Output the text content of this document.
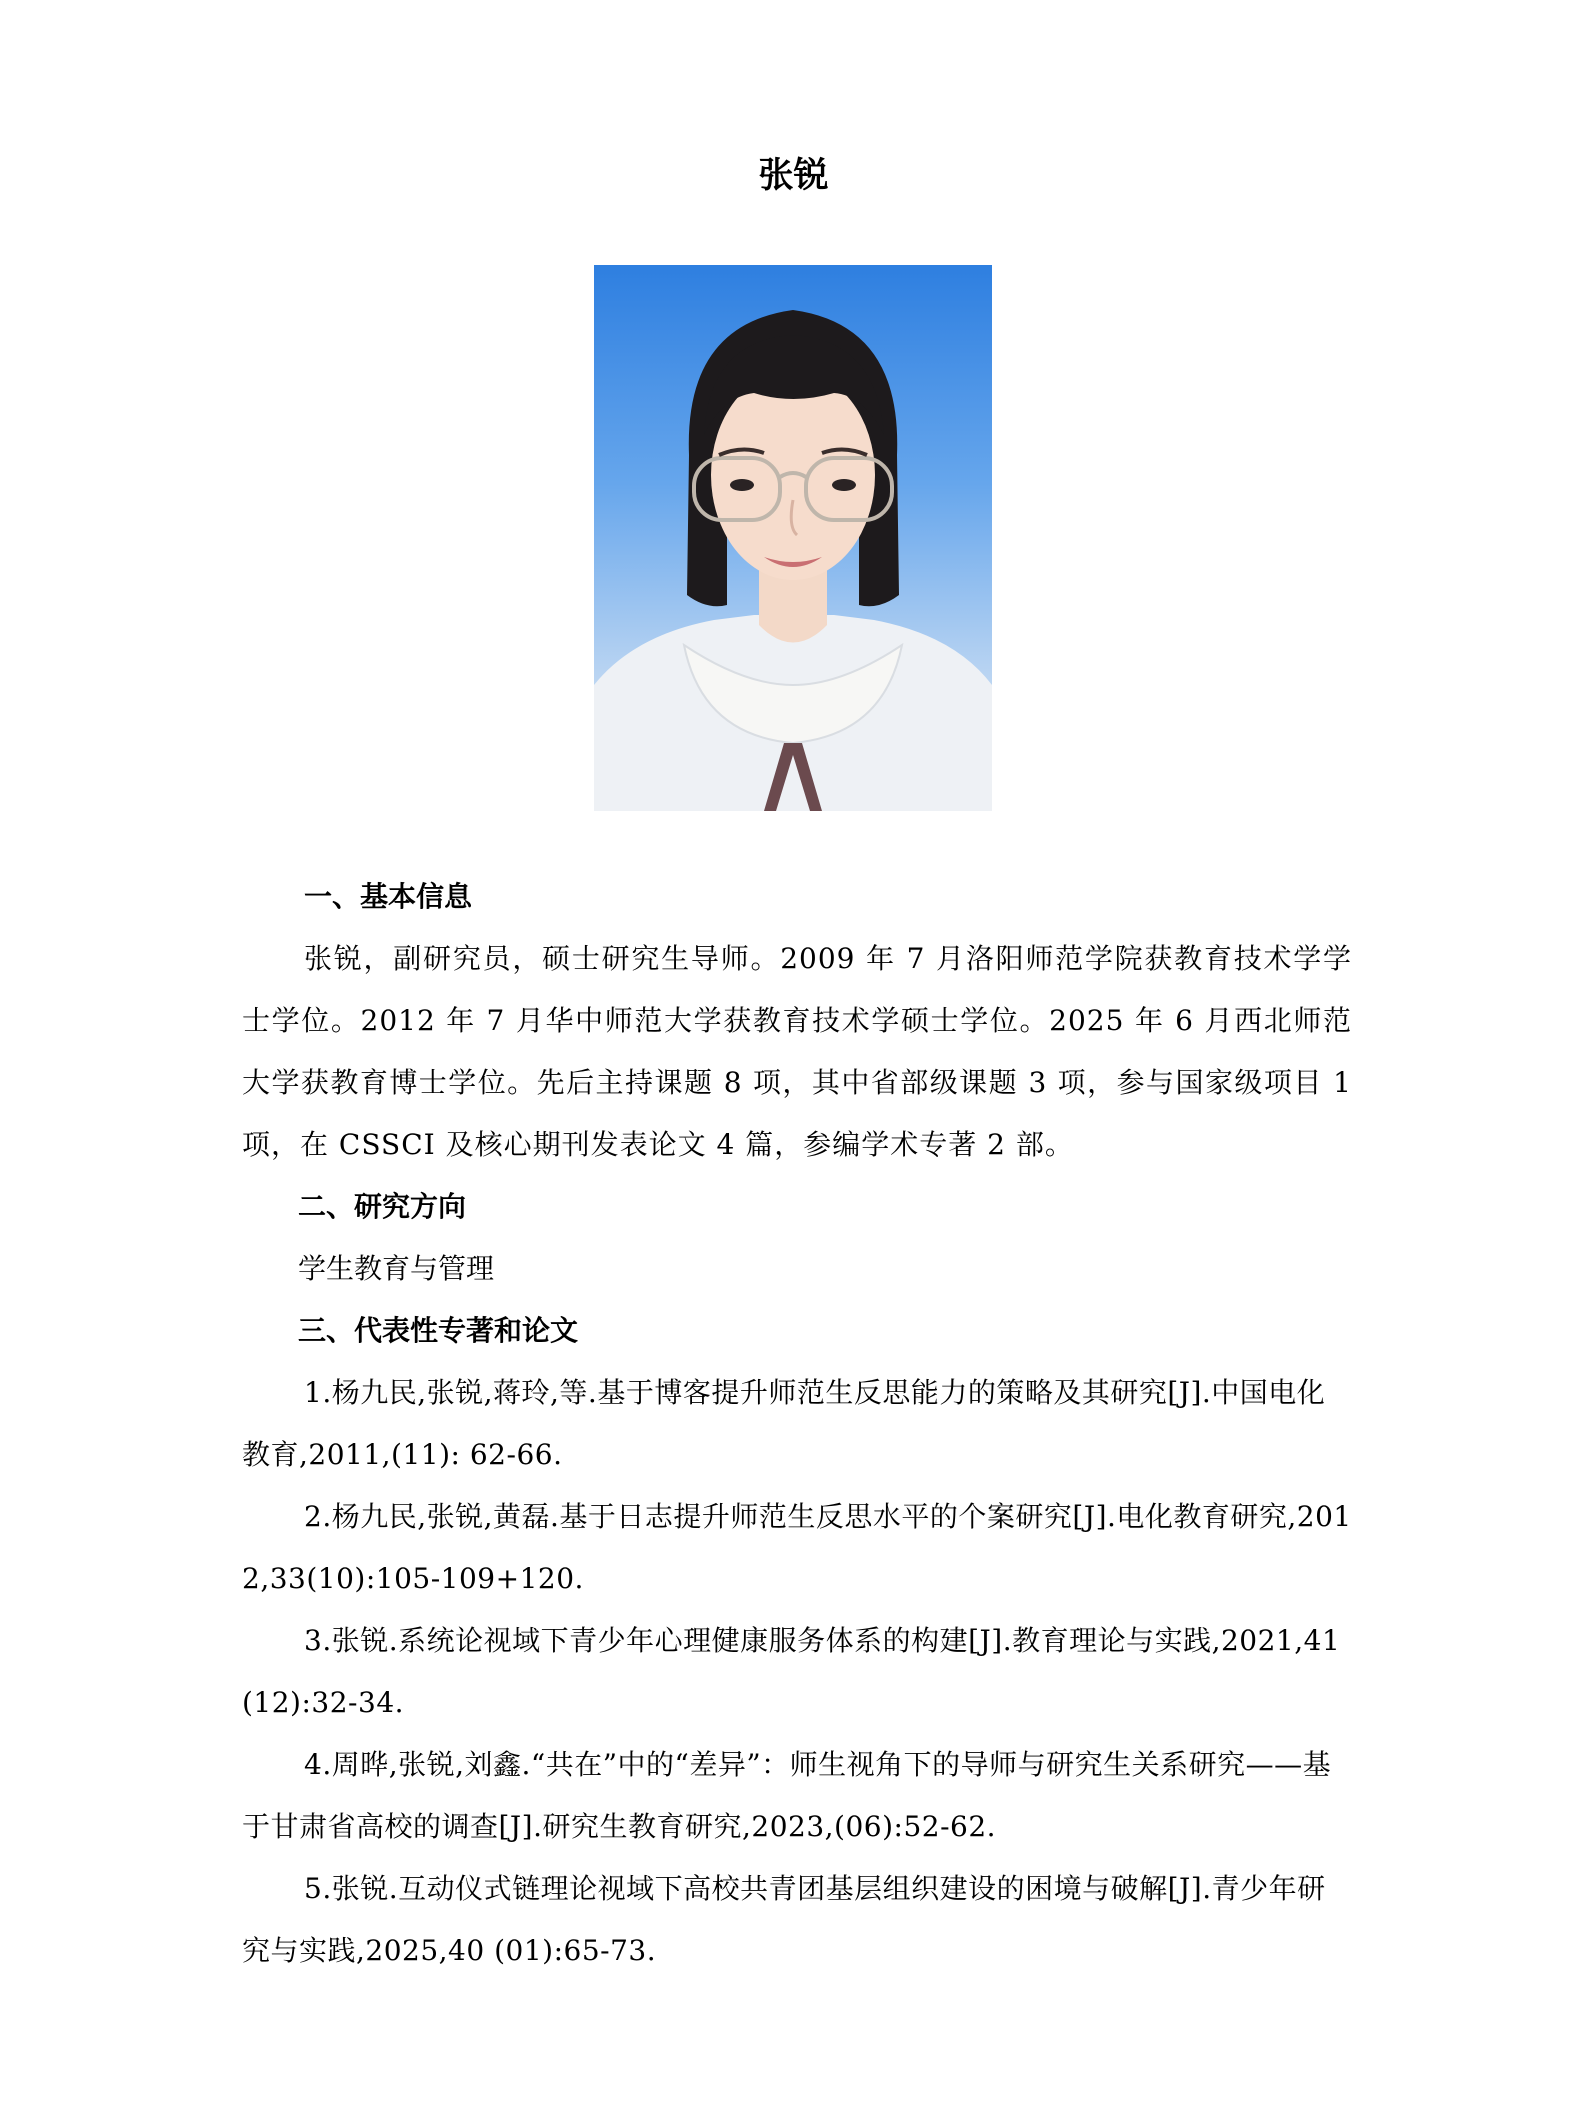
张锐
一、基本信息
张锐，副研究员，硕士研究生导师。2009 年 7 月洛阳师范学院获教育技术学学士学位。2012 年 7 月华中师范大学获教育技术学硕士学位。2025 年 6 月西北师范大学获教育博士学位。先后主持课题 8 项，其中省部级课题 3 项，参与国家级项目 1 项，在 CSSCI 及核心期刊发表论文 4 篇，参编学术专著 2 部。
二、研究方向
学生教育与管理
三、代表性专著和论文
1.杨九民,张锐,蒋玲,等.基于博客提升师范生反思能力的策略及其研究[J].中国电化教育,2011,(11): 62-66.
2.杨九民,张锐,黄磊.基于日志提升师范生反思水平的个案研究[J].电化教育研究,2012,33(10):105-109+120.
3.张锐.系统论视域下青少年心理健康服务体系的构建[J].教育理论与实践,2021,41(12):32-34.
4.周晔,张锐,刘鑫.“共在”中的“差异”：师生视角下的导师与研究生关系研究——基于甘肃省高校的调查[J].研究生教育研究,2023,(06):52-62.
5.张锐.互动仪式链理论视域下高校共青团基层组织建设的困境与破解[J].青少年研究与实践,2025,40 (01):65-73.
